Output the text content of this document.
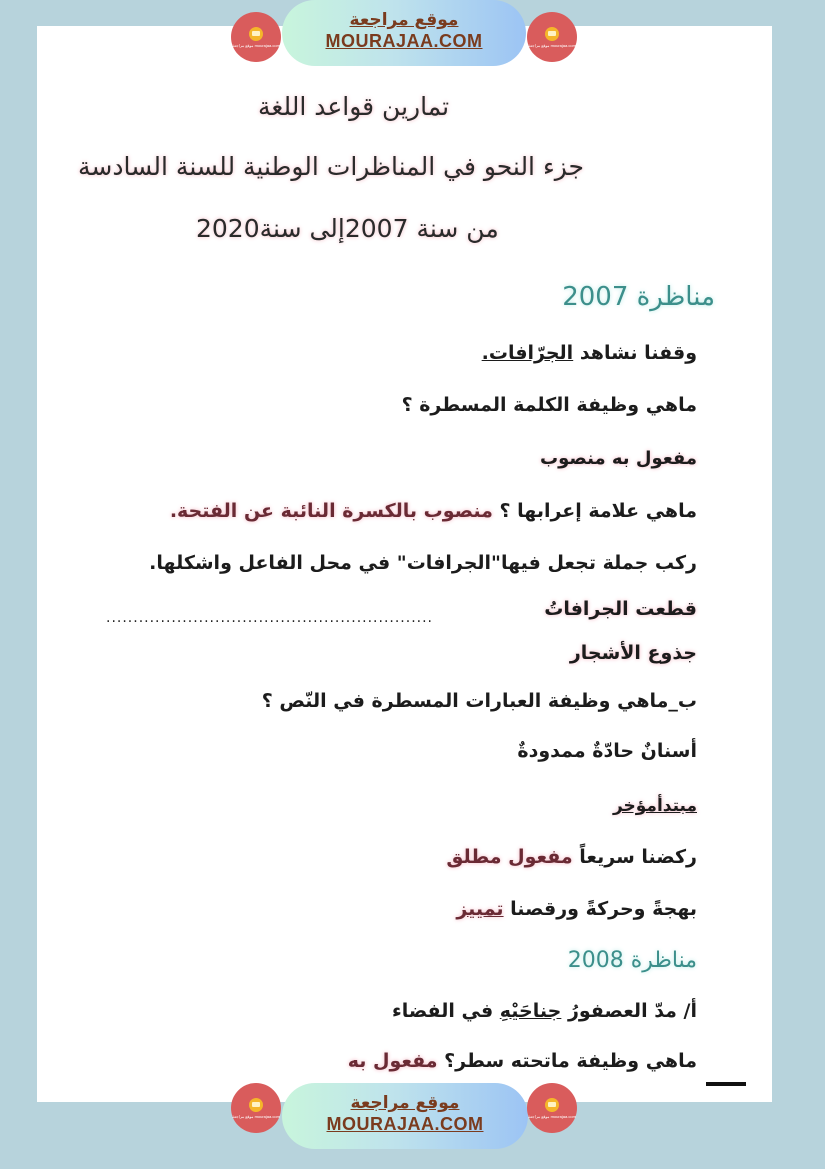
موقع مراجعة mourajaa.com
موقع مراجعة
MOURAJAA.COM	موقع مراجعة mourajaa.com
تمارين قواعد اللغة
جزء النحو في المناظرات الوطنية للسنة السادسة
من سنة 2007إلى سنة2020
مناظرة 2007
وقفنا نشاهد الجرّافات.
ماهي وظيفة الكلمة المسطرة ؟
مفعول به منصوب
ماهي علامة إعرابها ؟ منصوب بالكسرة النائبة عن الفتحة.
ركب جملة تجعل فيها"الجرافات" في محل الفاعل واشكلها.
قطعت الجرافاتُ
............................................................
جذوع الأشجار
ب_ماهي وظيفة العبارات المسطرة في النّص ؟
أسنانٌ حادّةٌ ممدودةٌ
مبتدأمؤخر
ركضنا سريعاً مفعول مطلق
بهجةً وحركةً ورقصنا تمييز
مناظرة 2008
أ/ مدّ العصفورُ جناحَيْهِ في الفضاء
ماهي وظيفة ماتحته سطر؟ مفعول به
موقع مراجعة mourajaa.com
موقع مراجعة
MOURAJAA.COM	موقع مراجعة mourajaa.com
